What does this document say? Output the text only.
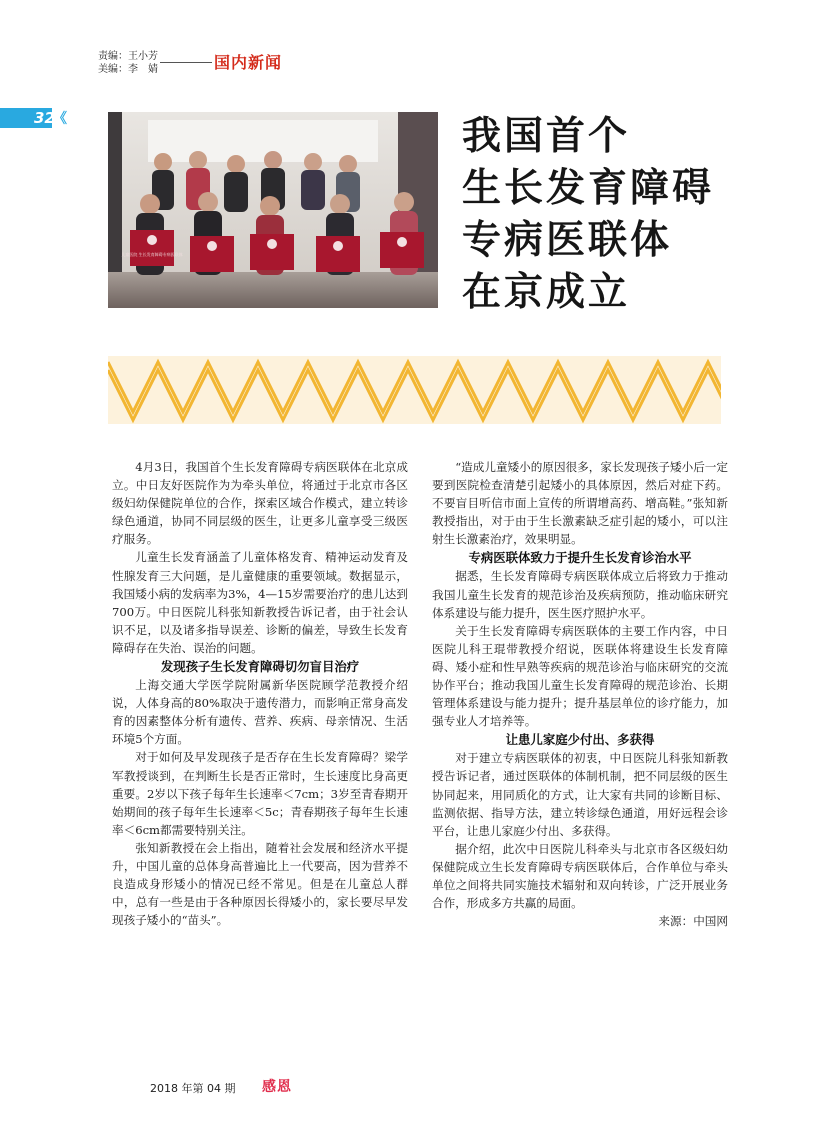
责编：王小芳
美编：李　婧	国内新闻
32
《
儿童医院 生长发育障碍专病医联体
我国首个
生长发育障碍
专病医联体
在京成立

4月3日，我国首个生长发育障碍专病医联体在北京成立。中日友好医院作为为牵头单位，将通过于北京市各区级妇幼保健院单位的合作，探索区域合作模式，建立转诊绿色通道，协同不同层级的医生，让更多儿童享受三级医疗服务。

儿童生长发育涵盖了儿童体格发育、精神运动发育及性腺发育三大问题，是儿童健康的重要领域。数据显示，我国矮小病的发病率为3%，4—15岁需要治疗的患儿达到700万。中日医院儿科张知新教授告诉记者，由于社会认识不足，以及诸多指导误差、诊断的偏差，导致生长发育障碍存在失治、误治的问题。

发现孩子生长发育障碍切勿盲目治疗

上海交通大学医学院附属新华医院顾学范教授介绍说，人体身高的80%取决于遗传潜力，而影响正常身高发育的因素整体分析有遗传、营养、疾病、母亲情况、生活环境5个方面。

对于如何及早发现孩子是否存在生长发育障碍？梁学军教授谈到，在判断生长是否正常时，生长速度比身高更重要。2岁以下孩子每年生长速率＜7cm；3岁至青春期开始期间的孩子每年生长速率＜5c；青春期孩子每年生长速率＜6cm都需要特别关注。

张知新教授在会上指出，随着社会发展和经济水平提升，中国儿童的总体身高普遍比上一代要高，因为营养不良造成身形矮小的情况已经不常见。但是在儿童总人群中，总有一些是由于各种原因长得矮小的，家长要尽早发现孩子矮小的“苗头”。

“造成儿童矮小的原因很多，家长发现孩子矮小后一定要到医院检查清楚引起矮小的具体原因，然后对症下药。不要盲目听信市面上宣传的所谓增高药、增高鞋。”张知新教授指出，对于由于生长激素缺乏症引起的矮小，可以注射生长激素治疗，效果明显。

专病医联体致力于提升生长发育诊治水平

据悉，生长发育障碍专病医联体成立后将致力于推动我国儿童生长发育的规范诊治及疾病预防，推动临床研究体系建设与能力提升，医生医疗照护水平。

关于生长发育障碍专病医联体的主要工作内容，中日医院儿科王琨带教授介绍说，医联体将建设生长发育障碍、矮小症和性早熟等疾病的规范诊治与临床研究的交流协作平台；推动我国儿童生长发育障碍的规范诊治、长期管理体系建设与能力提升；提升基层单位的诊疗能力，加强专业人才培养等。

让患儿家庭少付出、多获得

对于建立专病医联体的初衷，中日医院儿科张知新教授告诉记者，通过医联体的体制机制，把不同层级的医生协同起来，用同质化的方式，让大家有共同的诊断目标、监测依据、指导方法，建立转诊绿色通道，用好远程会诊平台，让患儿家庭少付出、多获得。

据介绍，此次中日医院儿科牵头与北京市各区级妇幼保健院成立生长发育障碍专病医联体后，合作单位与牵头单位之间将共同实施技术辐射和双向转诊，广泛开展业务合作，形成多方共赢的局面。

来源：中国网
2018 年第 04 期 感恩
